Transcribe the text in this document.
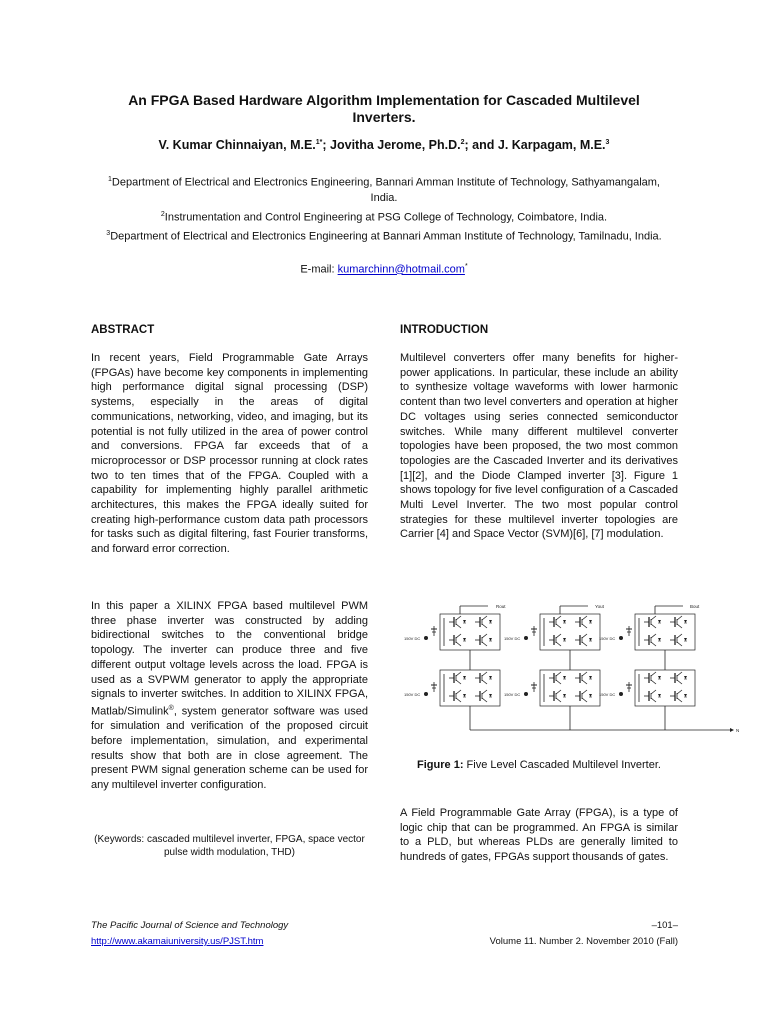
An FPGA Based Hardware Algorithm Implementation for Cascaded Multilevel Inverters.
V. Kumar Chinnaiyan, M.E.$^{1*}$; Jovitha Jerome, Ph.D.$^2$; and J. Karpagam, M.E.$^3$

$^1$Department of Electrical and Electronics Engineering, Bannari Amman Institute of Technology, Sathyamangalam, India.

$^2$Instrumentation and Control Engineering at PSG College of Technology, Coimbatore, India.

$^3$Department of Electrical and Electronics Engineering at Bannari Amman Institute of Technology, Tamilnadu, India.

E-mail: kumarchinn@hotmail.com*

ABSTRACT

In recent years, Field Programmable Gate Arrays (FPGAs) have become key components in implementing high performance digital signal processing (DSP) systems, especially in the areas of digital communications, networking, video, and imaging, but its potential is not fully utilized in the area of power control and conversions. FPGA far exceeds that of a microprocessor or DSP processor running at clock rates two to ten times that of the FPGA. Coupled with a capability for implementing highly parallel arithmetic architectures, this makes the FPGA ideally suited for creating high-performance custom data path processors for tasks such as digital filtering, fast Fourier transforms, and forward error correction.

In this paper a XILINX FPGA based multilevel PWM three phase inverter was constructed by adding bidirectional switches to the conventional bridge topology. The inverter can produce three and five different output voltage levels across the load. FPGA is used as a SVPWM generator to apply the appropriate signals to inverter switches. In addition to XILINX FPGA, Matlab/Simulink®, system generator software was used for simulation and verification of the proposed circuit before implementation, simulation, and experimental results show that both are in close agreement. The present PWM signal generation scheme can be used for any multilevel inverter configuration.

(Keywords: cascaded multilevel inverter, FPGA, space vector pulse width modulation, THD)

INTRODUCTION

Multilevel converters offer many benefits for higher-power applications. In particular, these include an ability to synthesize voltage waveforms with lower harmonic content than two level converters and operation at higher DC voltages using series connected semiconductor switches. While many different multilevel converter topologies have been proposed, the two most common topologies are the Cascaded Inverter and its derivatives [1][2], and the Diode Clamped inverter [3]. Figure 1 shows topology for five level configuration of a Cascaded Multi Level Inverter. The two most popular control strategies for these multilevel inverter topologies are Carrier [4] and Space Vector (SVM)[6], [7] modulation.

Rout	Yout	Bout
150V DC	150V DC	150V DC
150V DC	150V DC	150V DC
N

Figure 1: Five Level Cascaded Multilevel Inverter.

A Field Programmable Gate Array (FPGA), is a type of logic chip that can be programmed. An FPGA is similar to a PLD, but whereas PLDs are generally limited to hundreds of gates, FPGAs support thousands of gates.

The Pacific Journal of Science and Technology
http://www.akamaiuniversity.us/PJST.htm
–101–
Volume 11. Number 2. November 2010 (Fall)
